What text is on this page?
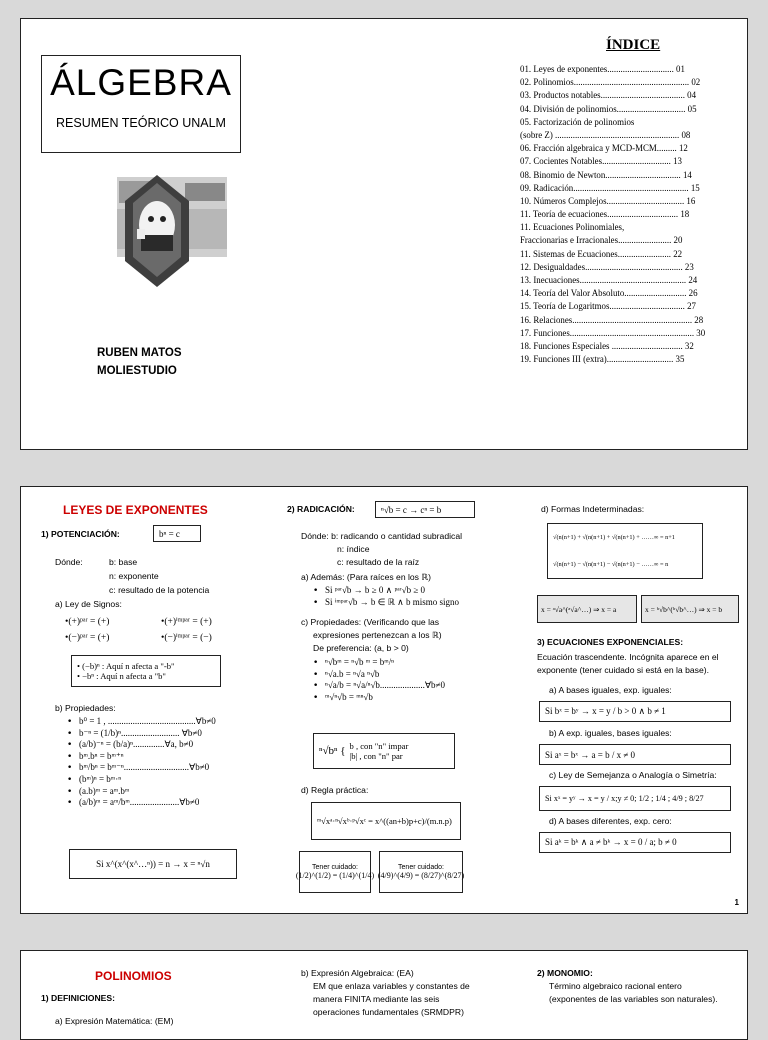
ÁLGEBRA
RESUMEN TEÓRICO UNALM
RUBEN MATOS
MOLIESTUDIO
ÍNDICE
01. Leyes de exponentes.............................. 01
02. Polinomios.................................................... 02
03. Productos notables...................................... 04
04. División de polinomios............................... 05
05. Factorización de polinomios
(sobre Z) ........................................................ 08
06. Fracción algebraica y MCD-MCM......... 12
07. Cocientes Notables............................... 13
08. Binomio de Newton.................................. 14
09. Radicación.................................................... 15
10. Números Complejos................................... 16
11. Teoría de ecuaciones................................ 18
11. Ecuaciones Polinomiales,
Fraccionarias e Irracionales........................ 20
11. Sistemas de Ecuaciones........................ 22
12. Desigualdades............................................ 23
13. Inecuaciones................................................ 24
14. Teoría del Valor Absoluto............................ 26
15. Teoría de Logaritmos.................................. 27
16. Relaciones...................................................... 28
17. Funciones........................................................ 30
18. Funciones Especiales ................................ 32
19. Funciones III (extra).............................. 35
LEYES DE EXPONENTES
1) POTENCIACIÓN:	bⁿ = c
Dónde:	b: base
n: exponente
c: resultado de la potencia
a) Ley de Signos:
•(+)ᵖᵃʳ = (+)	•(+)ⁱᵐᵖᵃʳ = (+)
•(−)ᵖᵃʳ = (+)	•(−)ⁱᵐᵖᵃʳ = (−)
• (−b)ⁿ : Aquí n afecta a "-b"
• −bⁿ : Aquí n afecta a "b"
b) Propiedades:
• b⁰ = 1 , .......................................∀b≠0
• b⁻ⁿ = (1/b)ⁿ.......................... ∀b≠0
• (a/b)⁻ⁿ = (b/a)ⁿ..............∀a, b≠0
• bᵐ.bⁿ = bᵐ⁺ⁿ
• bᵐ/bⁿ = bᵐ⁻ⁿ.............................∀b≠0
• (bᵐ)ⁿ = bᵐ·ⁿ
• (a.b)ᵐ = aᵐ.bᵐ
• (a/b)ᵐ = aᵐ/bᵐ......................∀b≠0
Si x^(x^(x^…ⁿ)) = n → x = ⁿ√n
2) RADICACIÓN:	ⁿ√b = c → cⁿ = b
Dónde: b: radicando o cantidad subradical
n: índice
c: resultado de la raíz
a) Además: (Para raíces en los ℝ)
• Si ᵖᵃʳ√b → b ≥ 0 ∧ ᵖᵃʳ√b ≥ 0
• Si ⁱᵐᵖᵃʳ√b → b ∈ ℝ ∧ b mismo signo
c) Propiedades: (Verificando que las
expresiones pertenezcan a los ℝ)
De preferencia: (a, b > 0)
• ⁿ√bᵐ = ⁿ√b ᵐ = bᵐ/ⁿ
• ⁿ√a.b = ⁿ√a ⁿ√b
• ⁿ√a/b = ⁿ√a/ⁿ√b....................∀b≠0
• ᵐ√ⁿ√b = ᵐⁿ√b
ⁿ√bⁿ { b , con "n" impar
|b| , con "n" par
d) Regla práctica:
ᵐ√xᵃ·ⁿ√xᵇ·ᵖ√xᶜ = x^((an+b)p+c)/(m.n.p)
Tener cuidado:
(1/2)^(1/2) = (1/4)^(1/4)
Tener cuidado:
(4/9)^(4/9) = (8/27)^(8/27)
d) Formas Indeterminadas:
√(n(n+1) + √(n(n+1) + √(n(n+1) + ……∞ = n+1
√(n(n+1) − √(n(n+1) − √(n(n+1) − ……∞ = n
x = ᵃ√a^(ᵃ√a^…) ⇒ x = a	x = ᵇ√b^(ᵇ√b^…) ⇒ x = b
3) ECUACIONES EXPONENCIALES:
Ecuación trascendente. Incógnita aparece en el
exponente (tener cuidado si está en la base).
a) A bases iguales, exp. iguales:
Si bˣ = bʸ → x = y / b > 0 ∧ b ≠ 1
b) A exp. iguales, bases iguales:
Si aˣ = bˣ → a = b / x ≠ 0
c) Ley de Semejanza o Analogía o Simetría:
Si xˣ = yʸ → x = y / x;y ≠ 0; 1/2 ; 1/4 ; 4/9 ; 8/27
d) A bases diferentes, exp. cero:
Si aᵏ = bᵏ ∧ a ≠ bᵏ → x = 0 / a; b ≠ 0
1
POLINOMIOS
1) DEFINICIONES:
a) Expresión Matemática: (EM)
b) Expresión Algebraica: (EA)
EM que enlaza variables y constantes de
manera FINITA mediante las seis
operaciones fundamentales (SRMDPR)
2) MONOMIO:
Término algebraico racional entero
(exponentes de las variables son naturales).
